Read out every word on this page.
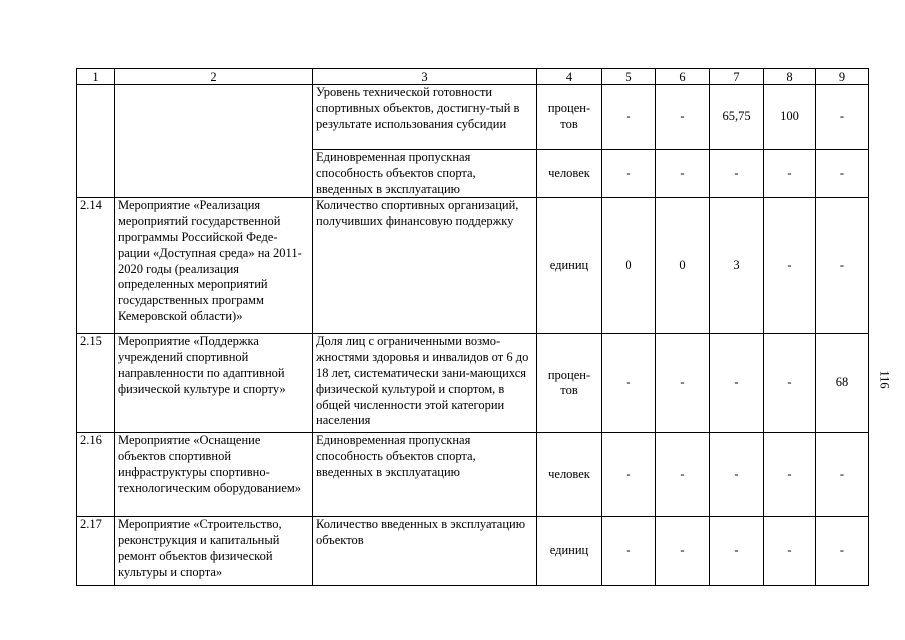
1	2	3	4	5	6	7	8	9
		Уровень технической готовности спортивных объектов, достигну-тый в результате использования субсидии	процен-тов	-	-	65,75	100	-
		Единовременная пропускная способность объектов спорта, введенных в эксплуатацию	человек	-	-	-	-	-
2.14	Мероприятие «Реализация мероприятий государственной программы Российской Феде-рации «Доступная среда» на 2011-2020 годы (реализация определенных мероприятий государственных программ Кемеровской области)»	Количество спортивных организаций, получивших финансовую поддержку	единиц	0	0	3	-	-
2.15	Мероприятие «Поддержка учреждений спортивной направленности по адаптивной физической культуре и спорту»	Доля лиц с ограниченными возмо-жностями здоровья и инвалидов от 6 до 18 лет, систематически зани-мающихся физической культурой и спортом, в общей численности этой категории населения	процен-тов	-	-	-	-	68
2.16	Мероприятие «Оснащение объектов спортивной инфраструктуры спортивно-технологическим оборудованием»	Единовременная пропускная способность объектов спорта, введенных в эксплуатацию	человек	-	-	-	-	-
2.17	Мероприятие «Строительство, реконструкция и капитальный ремонт объектов физической культуры и спорта»	Количество введенных в эксплуатацию объектов	единиц	-	-	-	-	-
116
